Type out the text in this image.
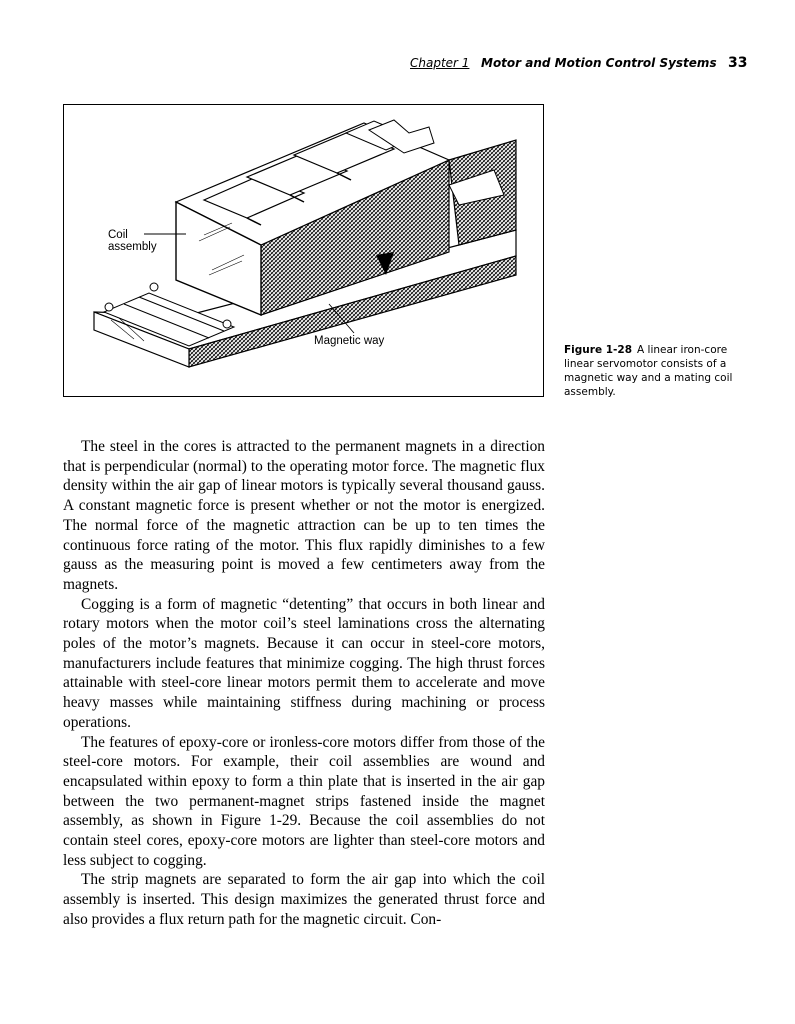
Chapter 1 Motor and Motion Control Systems 33
Coil
assembly
Magnetic way
Figure 1-28 A linear iron-core linear servomotor consists of a magnetic way and a mating coil assembly.

The steel in the cores is attracted to the permanent magnets in a direction that is perpendicular (normal) to the operating motor force. The magnetic flux density within the air gap of linear motors is typically several thousand gauss. A constant magnetic force is present whether or not the motor is energized. The normal force of the magnetic attraction can be up to ten times the continuous force rating of the motor. This flux rapidly diminishes to a few gauss as the measuring point is moved a few centimeters away from the magnets.

Cogging is a form of magnetic “detenting” that occurs in both linear and rotary motors when the motor coil’s steel laminations cross the alternating poles of the motor’s magnets. Because it can occur in steel-core motors, manufacturers include features that minimize cogging. The high thrust forces attainable with steel-core linear motors permit them to accelerate and move heavy masses while maintaining stiffness during machining or process operations.

The features of epoxy-core or ironless-core motors differ from those of the steel-core motors. For example, their coil assemblies are wound and encapsulated within epoxy to form a thin plate that is inserted in the air gap between the two permanent-magnet strips fastened inside the magnet assembly, as shown in Figure 1-29. Because the coil assemblies do not contain steel cores, epoxy-core motors are lighter than steel-core motors and less subject to cogging.

The strip magnets are separated to form the air gap into which the coil assembly is inserted. This design maximizes the generated thrust force and also provides a flux return path for the magnetic circuit. Con-
